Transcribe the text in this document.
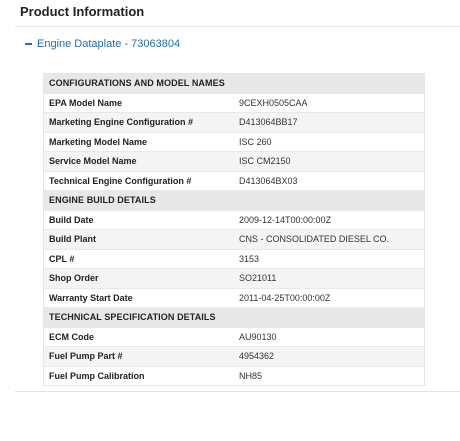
Product Information
Engine Dataplate - 73063804
CONFIGURATIONS AND MODEL NAMES	
EPA Model Name	9CEXH0505CAA
Marketing Engine Configuration #	D413064BB17
Marketing Model Name	ISC 260
Service Model Name	ISC CM2150
Technical Engine Configuration #	D413064BX03
ENGINE BUILD DETAILS	
Build Date	2009-12-14T00:00:00Z
Build Plant	CNS - CONSOLIDATED DIESEL CO.
CPL #	3153
Shop Order	SO21011
Warranty Start Date	2011-04-25T00:00:00Z
TECHNICAL SPECIFICATION DETAILS	
ECM Code	AU90130
Fuel Pump Part #	4954362
Fuel Pump Calibration	NH85
